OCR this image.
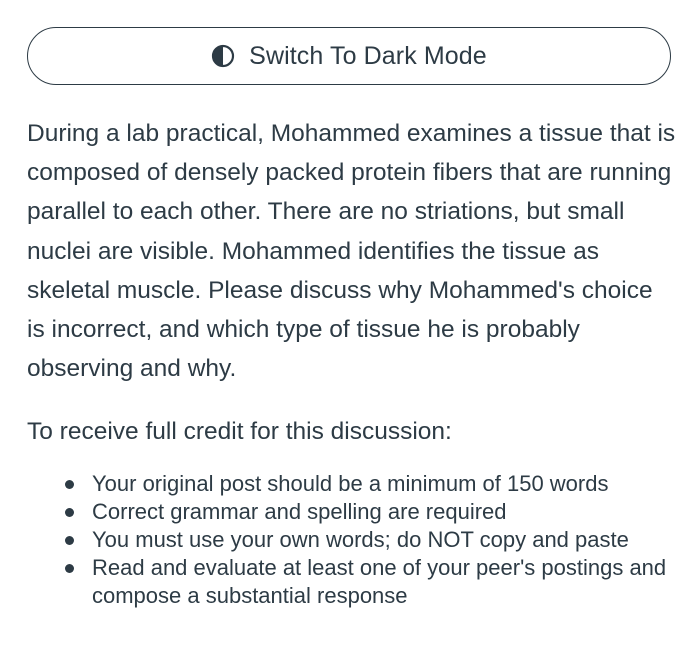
Switch To Dark Mode

During a lab practical, Mohammed examines a tissue that is composed of densely packed protein fibers that are running parallel to each other. There are no striations, but small nuclei are visible. Mohammed identifies the tissue as skeletal muscle. Please discuss why Mohammed's choice is incorrect, and which type of tissue he is probably observing and why.

To receive full credit for this discussion:

Your original post should be a minimum of 150 words
Correct grammar and spelling are required
You must use your own words; do NOT copy and paste
Read and evaluate at least one of your peer's postings and compose a substantial response
